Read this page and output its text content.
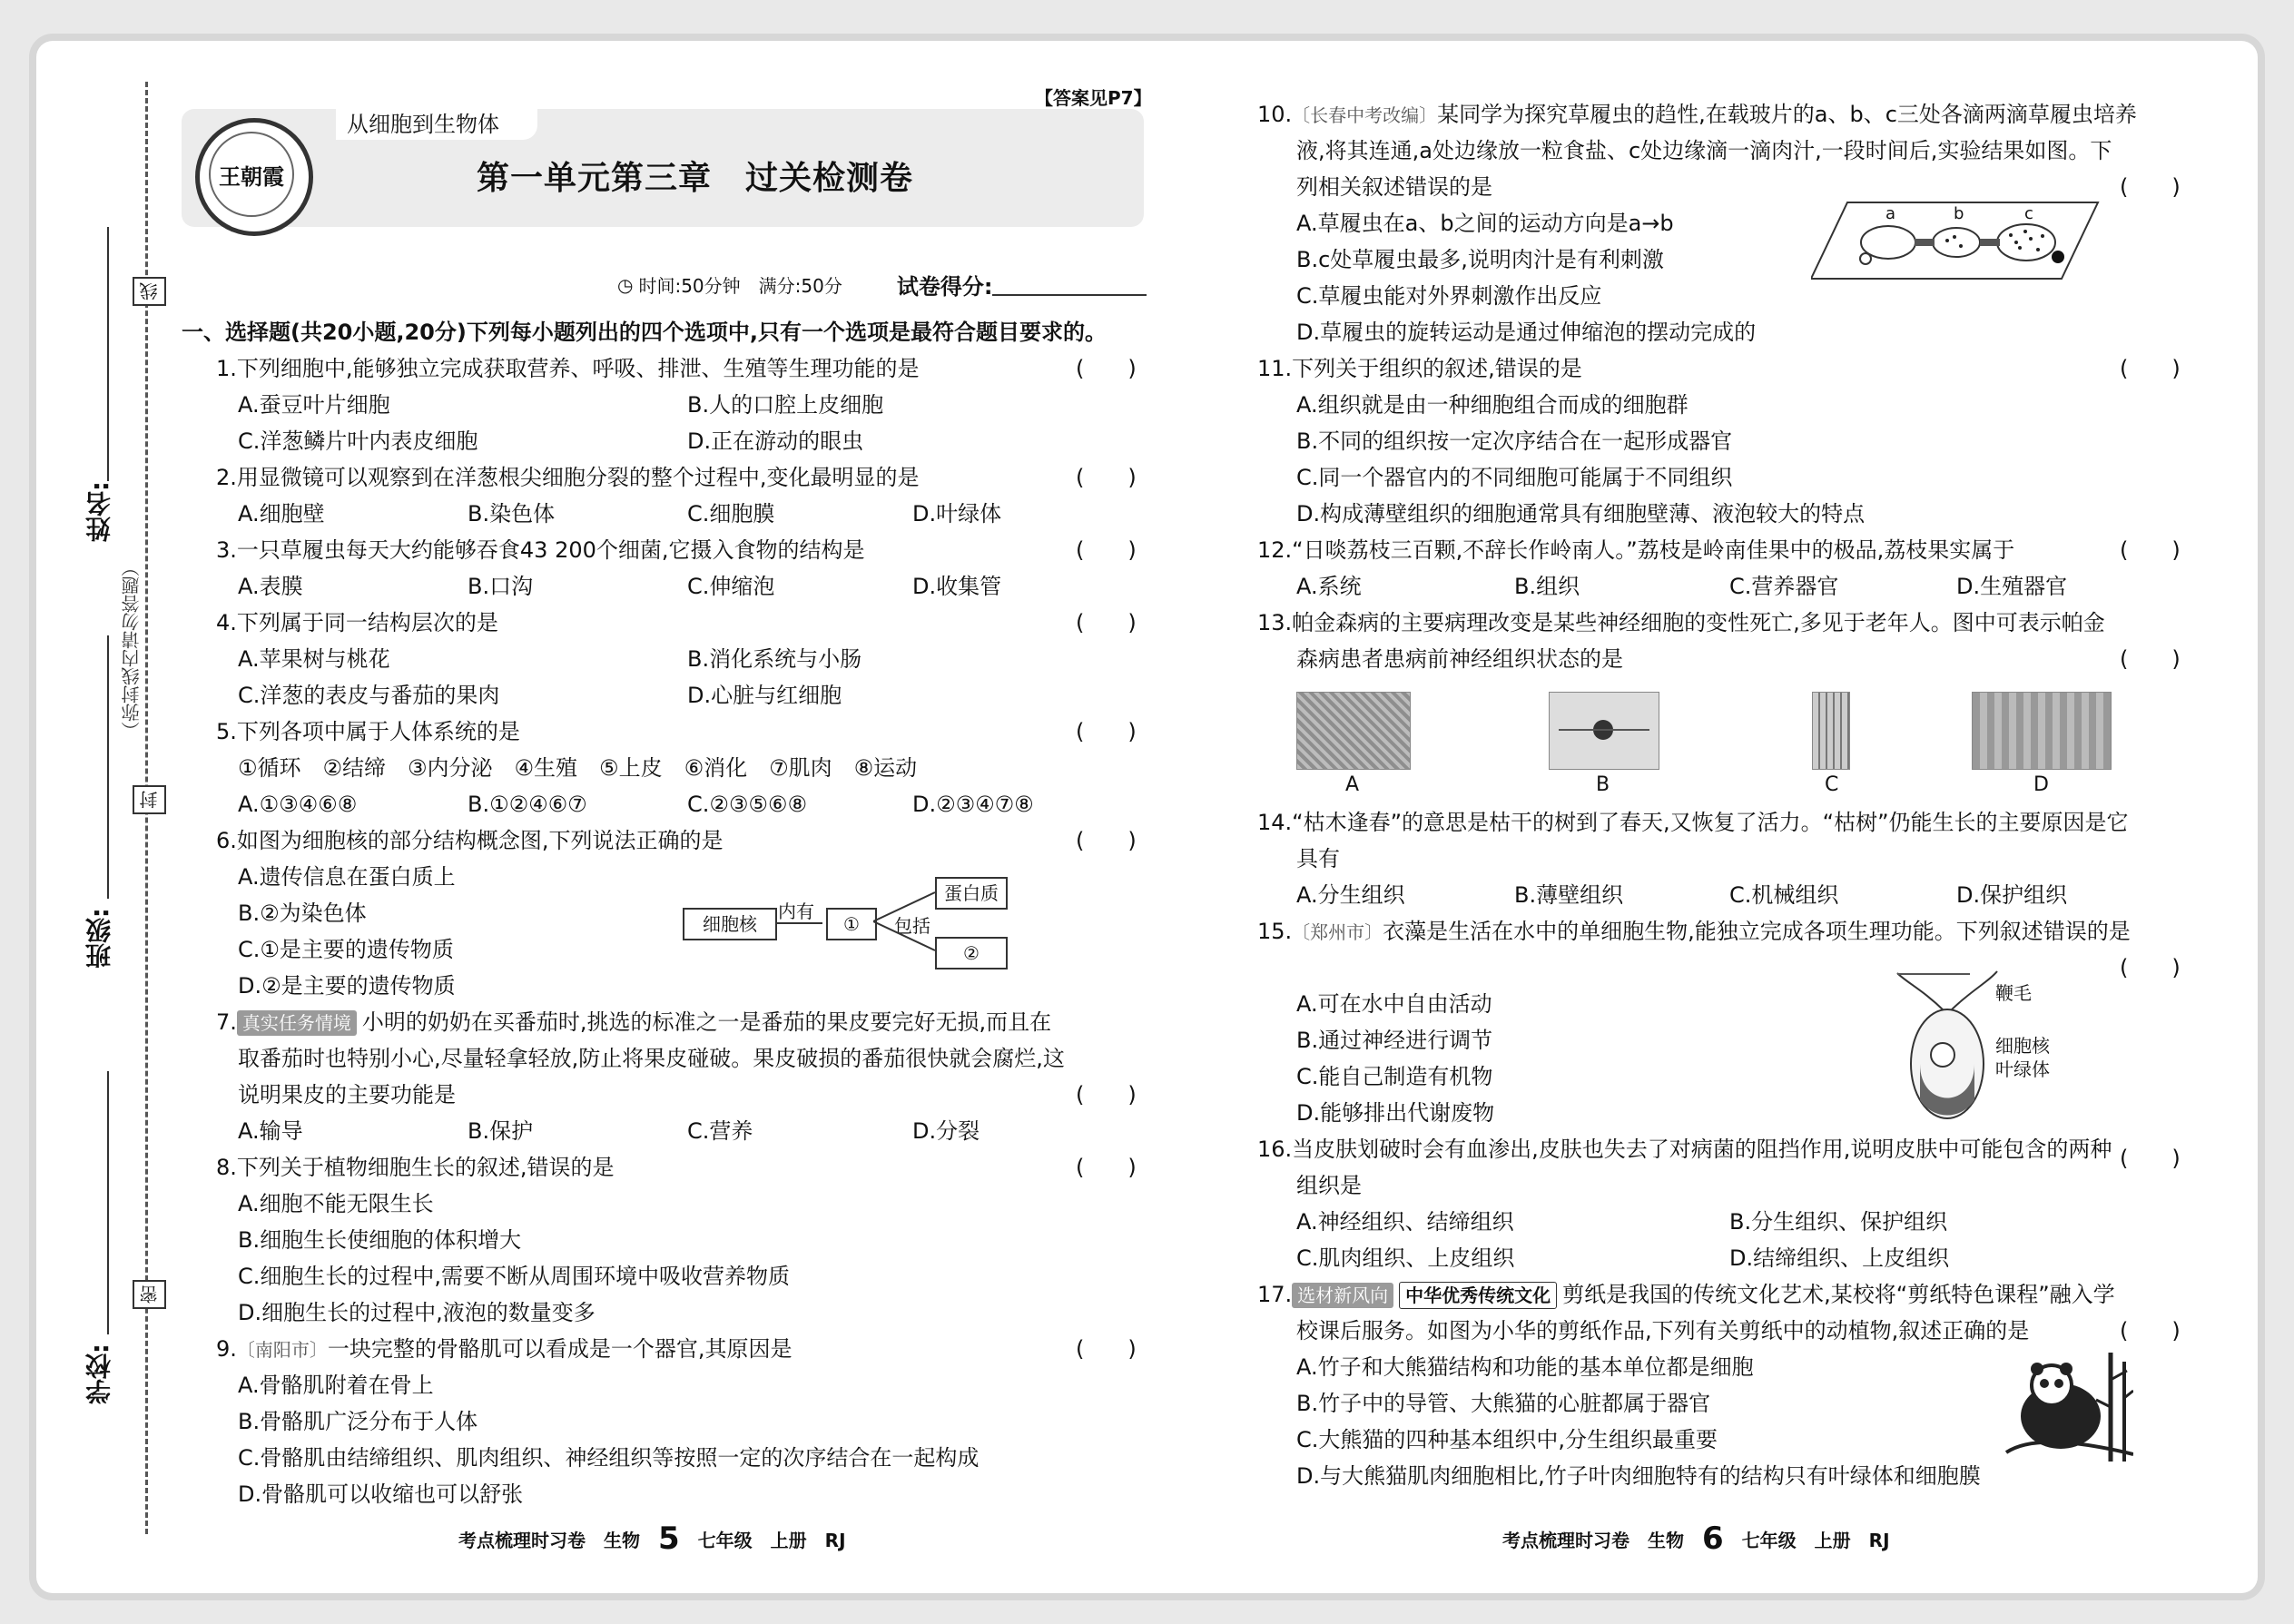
线
封
密
（弥封线内请勿答题）
姓名:
班级:
学校:
从细胞到生物体
【答案见P7】
王朝霞	第一单元第三章　过关检测卷
◷ 时间:50分钟　满分:50分	试卷得分:
一、选择题(共20小题,20分)下列每小题列出的四个选项中,只有一个选项是最符合题目要求的。
1.下列细胞中,能够独立完成获取营养、呼吸、排泄、生殖等生理功能的是	(　　)
A.蚕豆叶片细胞	B.人的口腔上皮细胞
C.洋葱鳞片叶内表皮细胞	D.正在游动的眼虫
2.用显微镜可以观察到在洋葱根尖细胞分裂的整个过程中,变化最明显的是	(　　)
A.细胞壁	B.染色体	C.细胞膜	D.叶绿体
3.一只草履虫每天大约能够吞食43 200个细菌,它摄入食物的结构是	(　　)
A.表膜	B.口沟	C.伸缩泡	D.收集管
4.下列属于同一结构层次的是	(　　)
A.苹果树与桃花	B.消化系统与小肠
C.洋葱的表皮与番茄的果肉	D.心脏与红细胞
5.下列各项中属于人体系统的是	(　　)
①循环　②结缔　③内分泌　④生殖　⑤上皮　⑥消化　⑦肌肉　⑧运动
A.①③④⑥⑧	B.①②④⑥⑦	C.②③⑤⑥⑧	D.②③④⑦⑧
6.如图为细胞核的部分结构概念图,下列说法正确的是	(　　)
A.遗传信息在蛋白质上
B.②为染色体
C.①是主要的遗传物质
D.②是主要的遗传物质
细胞核
内有
①	包括
蛋白质
②
7. 真实任务情境 小明的奶奶在买番茄时,挑选的标准之一是番茄的果皮要完好无损,而且在
取番茄时也特别小心,尽量轻拿轻放,防止将果皮碰破。果皮破损的番茄很快就会腐烂,这
说明果皮的主要功能是	(　　)
A.输导	B.保护	C.营养	D.分裂
8.下列关于植物细胞生长的叙述,错误的是	(　　)
A.细胞不能无限生长
B.细胞生长使细胞的体积增大
C.细胞生长的过程中,需要不断从周围环境中吸收营养物质
D.细胞生长的过程中,液泡的数量变多
9.〔南阳市〕一块完整的骨骼肌可以看成是一个器官,其原因是	(　　)
A.骨骼肌附着在骨上
B.骨骼肌广泛分布于人体
C.骨骼肌由结缔组织、肌肉组织、神经组织等按照一定的次序结合在一起构成
D.骨骼肌可以收缩也可以舒张
考点梳理时习卷　生物 5 七年级　上册　RJ
10.〔长春中考改编〕某同学为探究草履虫的趋性,在载玻片的a、b、c三处各滴两滴草履虫培养
液,将其连通,a处边缘放一粒食盐、c处边缘滴一滴肉汁,一段时间后,实验结果如图。下
列相关叙述错误的是	(　　)
A.草履虫在a、b之间的运动方向是a→b
B.c处草履虫最多,说明肉汁是有利刺激
C.草履虫能对外界刺激作出反应
D.草履虫的旋转运动是通过伸缩泡的摆动完成的
a	b	c
11.下列关于组织的叙述,错误的是	(　　)
A.组织就是由一种细胞组合而成的细胞群
B.不同的组织按一定次序结合在一起形成器官
C.同一个器官内的不同细胞可能属于不同组织
D.构成薄壁组织的细胞通常具有细胞壁薄、液泡较大的特点
12.“日啖荔枝三百颗,不辞长作岭南人。”荔枝是岭南佳果中的极品,荔枝果实属于	(　　)
A.系统	B.组织	C.营养器官	D.生殖器官
13.帕金森病的主要病理改变是某些神经细胞的变性死亡,多见于老年人。图中可表示帕金
森病患者患病前神经组织状态的是	(　　)
A	B	C	D
14.“枯木逢春”的意思是枯干的树到了春天,又恢复了活力。“枯树”仍能生长的主要原因是它
具有
A.分生组织	B.薄壁组织	C.机械组织	D.保护组织
15.〔郑州市〕衣藻是生活在水中的单细胞生物,能独立完成各项生理功能。下列叙述错误的是
(　　)
A.可在水中自由活动
B.通过神经进行调节
C.能自己制造有机物
D.能够排出代谢废物
鞭毛
细胞核
叶绿体
16.当皮肤划破时会有血渗出,皮肤也失去了对病菌的阻挡作用,说明皮肤中可能包含的两种
组织是
(　　)
A.神经组织、结缔组织	B.分生组织、保护组织
C.肌肉组织、上皮组织	D.结缔组织、上皮组织
17. 选材新风向 中华优秀传统文化 剪纸是我国的传统文化艺术,某校将“剪纸特色课程”融入学
校课后服务。如图为小华的剪纸作品,下列有关剪纸中的动植物,叙述正确的是	(　　)
A.竹子和大熊猫结构和功能的基本单位都是细胞
B.竹子中的导管、大熊猫的心脏都属于器官
C.大熊猫的四种基本组织中,分生组织最重要
D.与大熊猫肌肉细胞相比,竹子叶肉细胞特有的结构只有叶绿体和细胞膜
考点梳理时习卷　生物 6 七年级　上册　RJ
